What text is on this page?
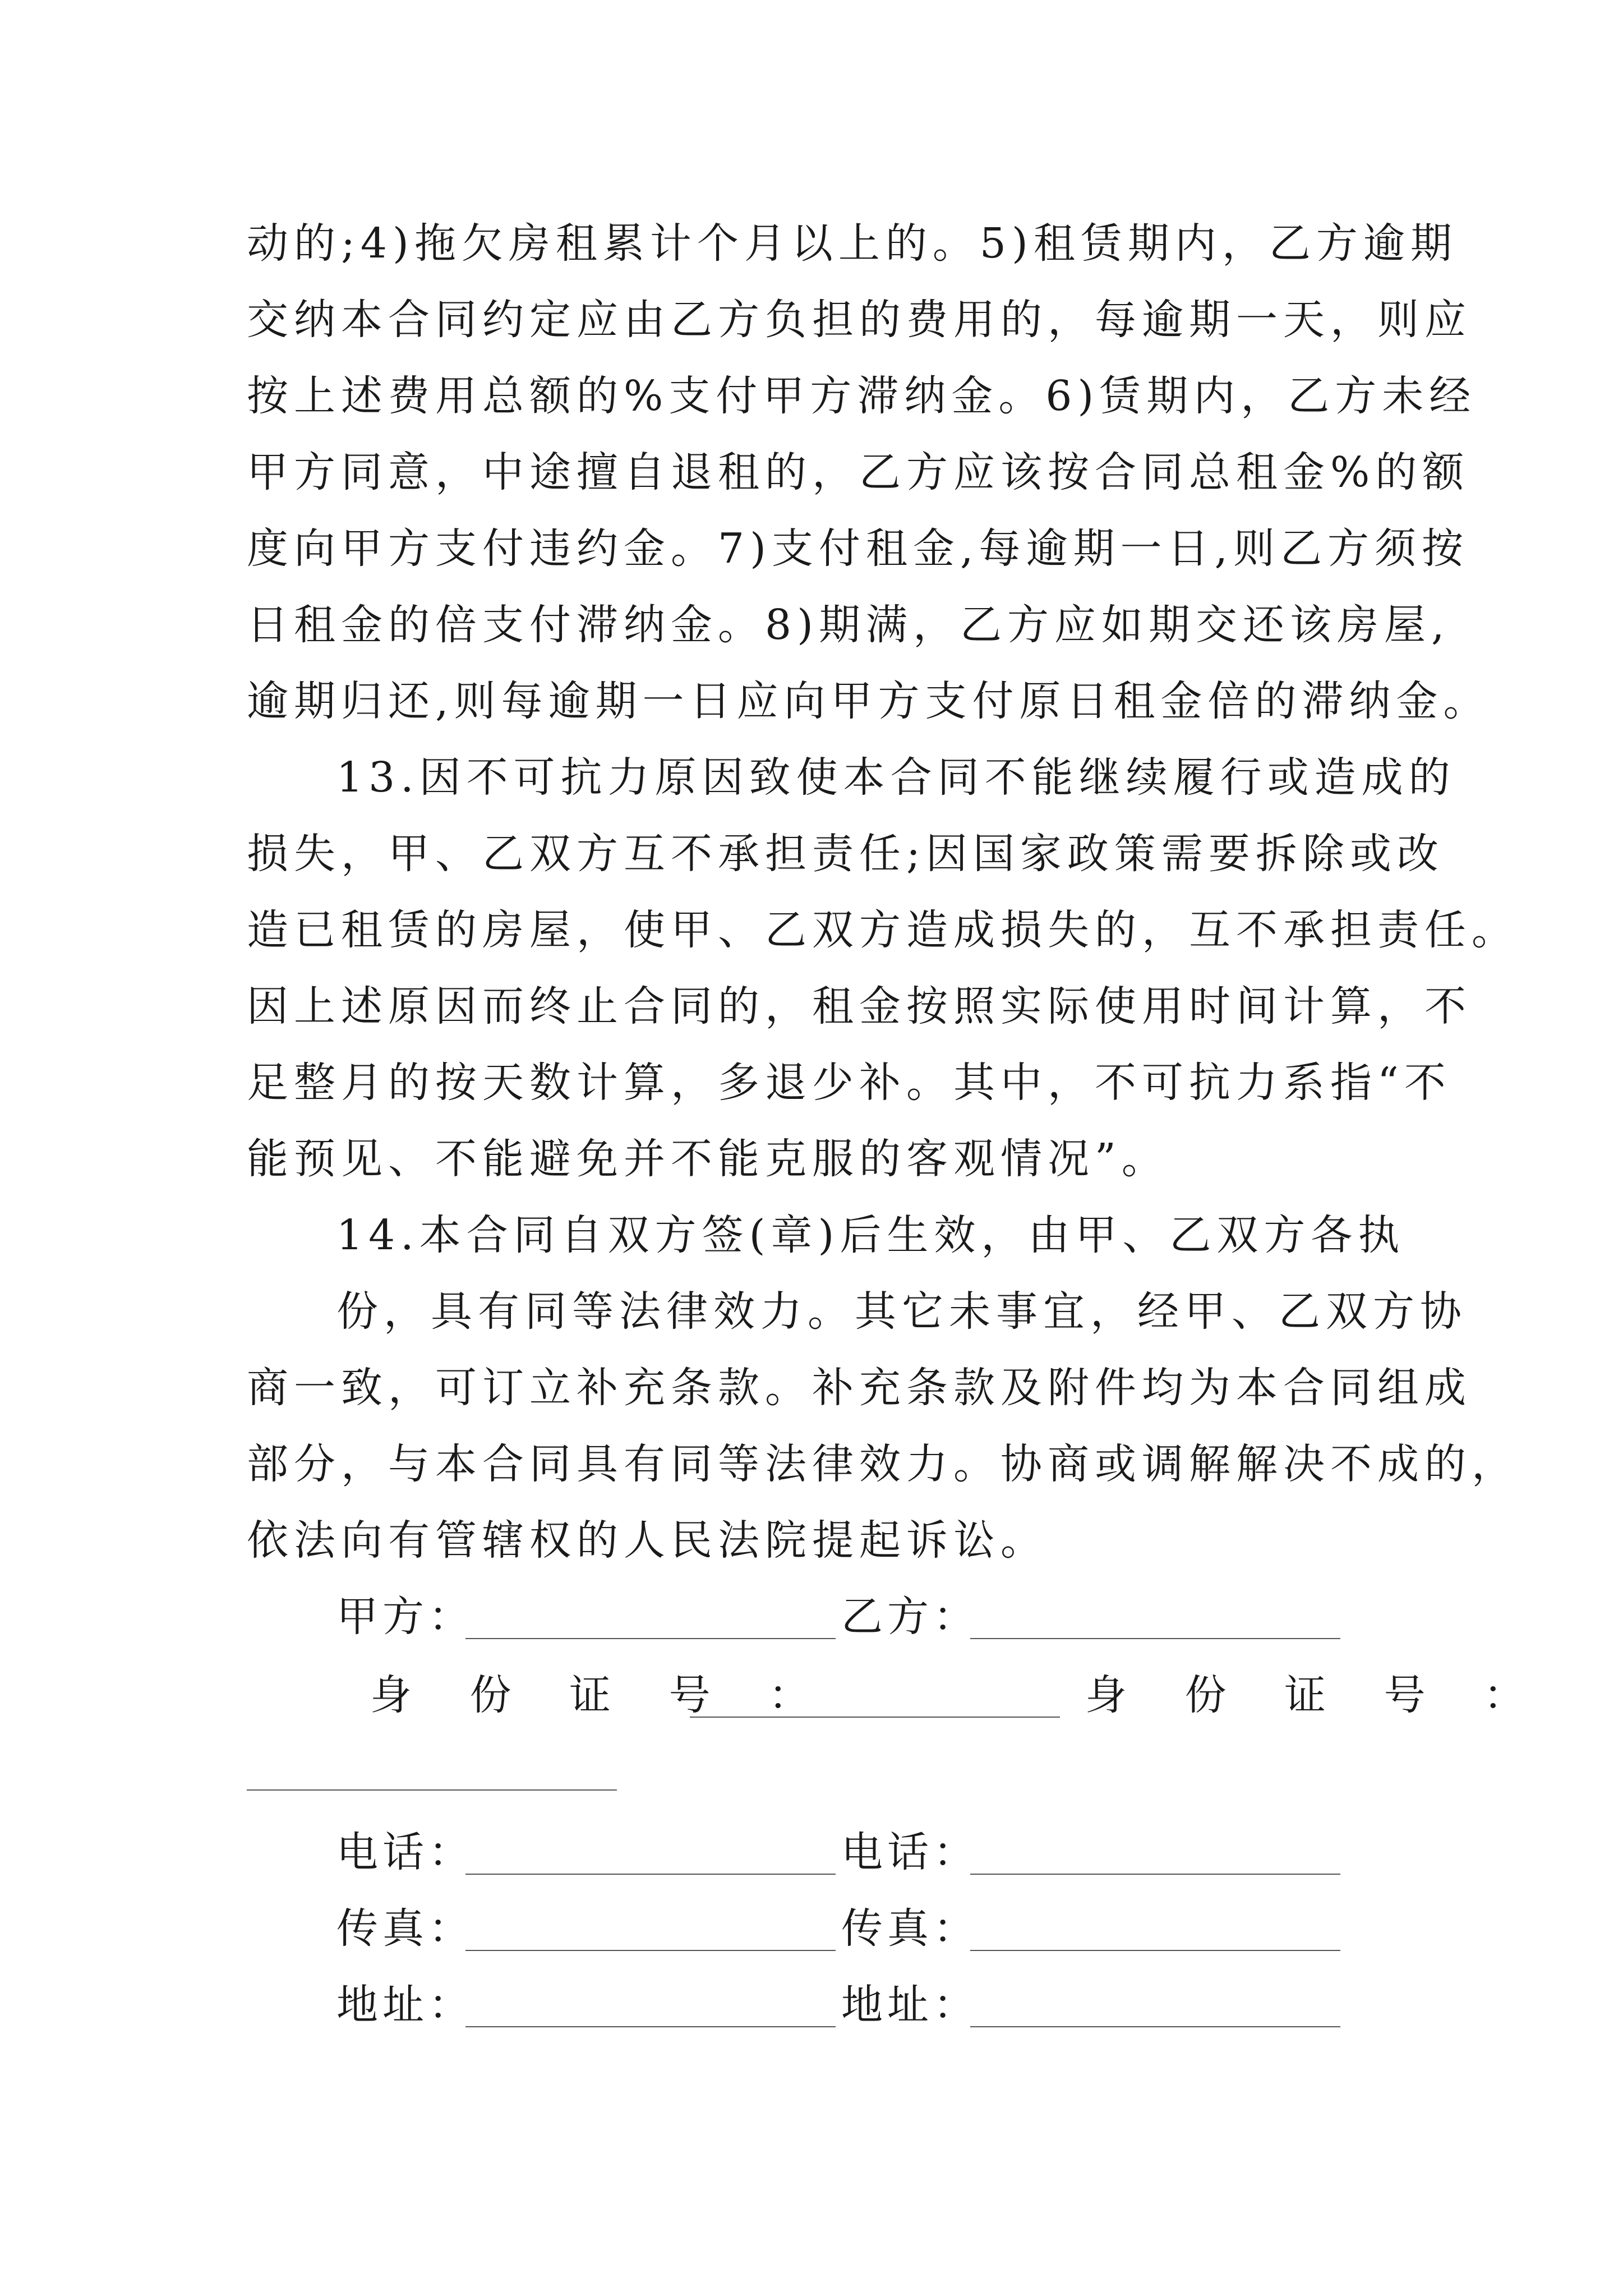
动的;4)拖欠房租累计个月以上的。5)租赁期内，乙方逾期
交纳本合同约定应由乙方负担的费用的，每逾期一天，则应
按上述费用总额的%支付甲方滞纳金。6)赁期内，乙方未经
甲方同意，中途擅自退租的，乙方应该按合同总租金%的额
度向甲方支付违约金。7)支付租金,每逾期一日,则乙方须按
日租金的倍支付滞纳金。8)期满，乙方应如期交还该房屋,
逾期归还,则每逾期一日应向甲方支付原日租金倍的滞纳金。
13.因不可抗力原因致使本合同不能继续履行或造成的
损失，甲、乙双方互不承担责任;因国家政策需要拆除或改
造已租赁的房屋，使甲、乙双方造成损失的，互不承担责任。
因上述原因而终止合同的，租金按照实际使用时间计算，不
足整月的按天数计算，多退少补。其中，不可抗力系指“不
能预见、不能避免并不能克服的客观情况”。
14.本合同自双方签(章)后生效，由甲、乙双方各执
份，具有同等法律效力。其它未事宜，经甲、乙双方协
商一致，可订立补充条款。补充条款及附件均为本合同组成
部分，与本合同具有同等法律效力。协商或调解解决不成的，
依法向有管辖权的人民法院提起诉讼。
甲方：	乙方：
身 份 证 号 ：	身 份 证 号 ：
电话：	电话：
传真：	传真：
地址：	地址：
